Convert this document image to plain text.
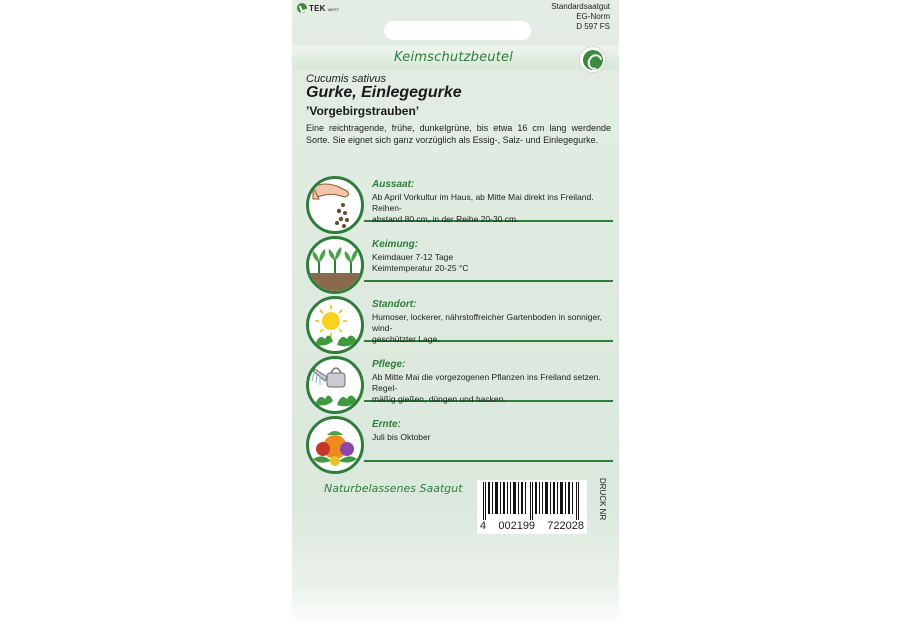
TEK WEST	Standardsaatgut
EG-Norm
D 597 FS
Keimschutzbeutel
Cucumis sativus
Gurke, Einlegegurke
’Vorgebirgstrauben’
Eine reichtragende, frühe, dunkelgrüne, bis etwa 16 cm lang werdende Sorte. Sie eignet sich ganz vorzüglich als Essig-, Salz- und Einlegegurke.
Aussaat:
Ab April Vorkultur im Haus, ab Mitte Mai direkt ins Freiland. Reihen-
abstand 80 cm, in der Reihe 20-30 cm.
Keimung:
Keimdauer 7-12 Tage
Keimtemperatur 20-25 °C
Standort:
Humoser, lockerer, nährstoffreicher Gartenboden in sonniger, wind-
geschützter Lage.
Pflege:
Ab Mitte Mai die vorgezogenen Pflanzen ins Freiland setzen. Regel-
mäßig gießen, düngen und hacken.
Ernte:
Juli bis Oktober
Naturbelassenes Saatgut
4 002199 722028
DRUCK NR
